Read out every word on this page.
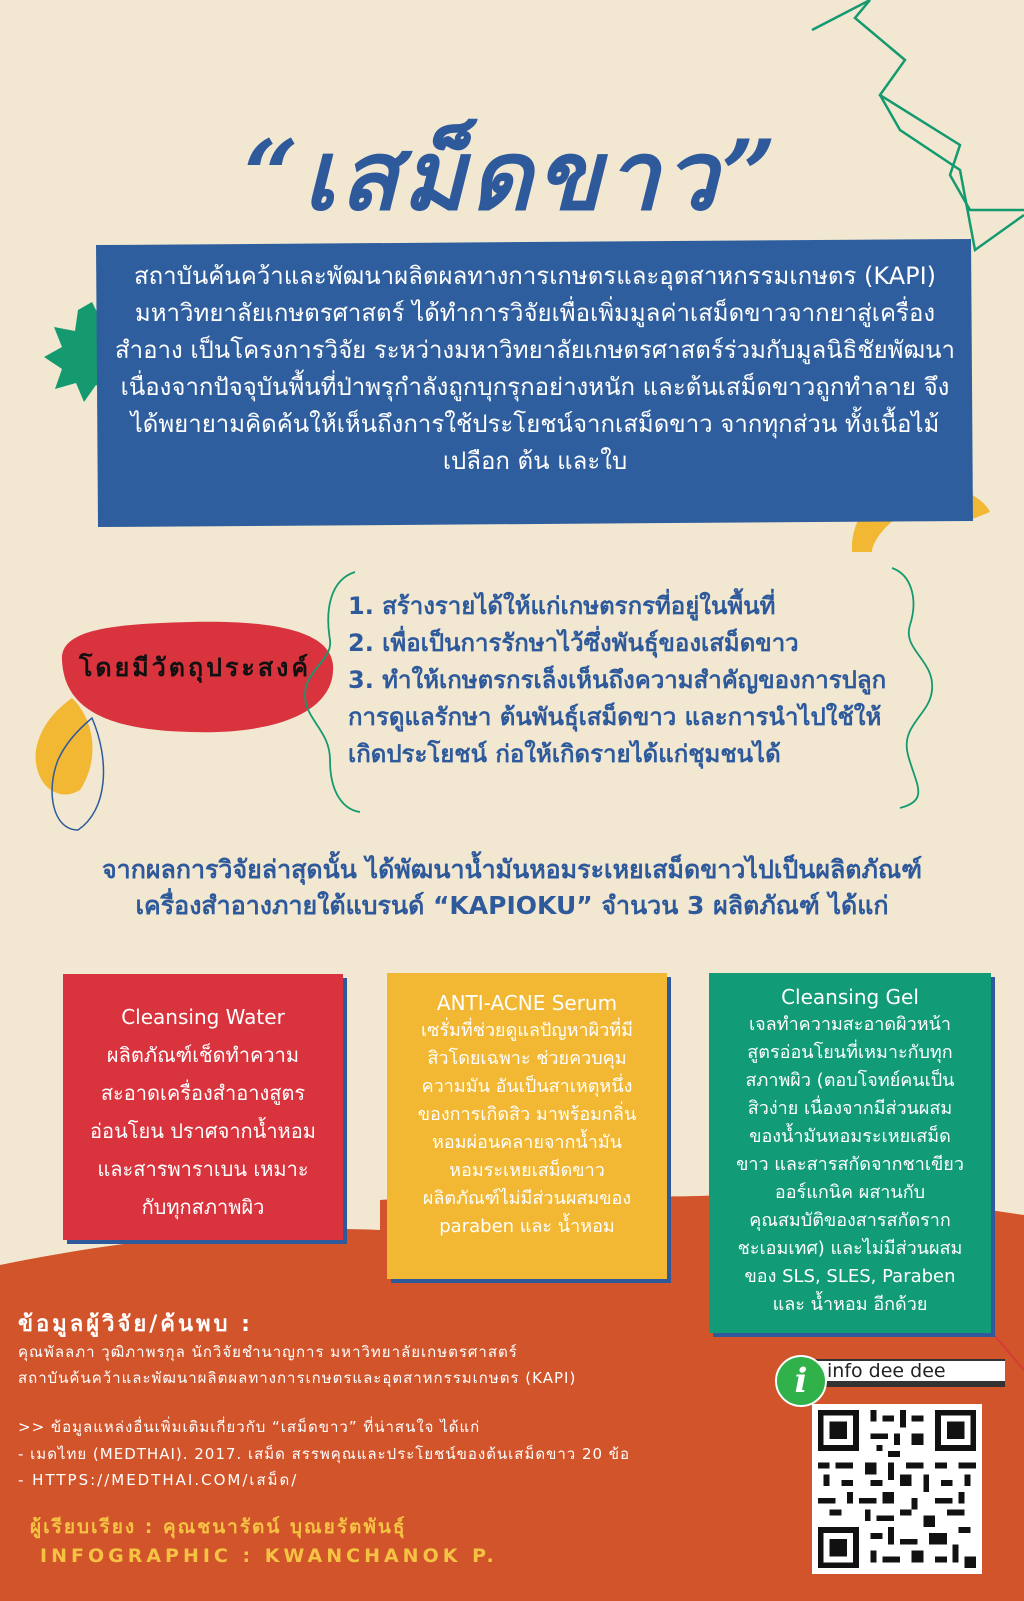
“เสม็ดขาว”

สถาบันค้นคว้าและพัฒนาผลิตผลทางการเกษตรและอุตสาหกรรมเกษตร (KAPI) มหาวิทยาลัยเกษตรศาสตร์ ได้ทำการวิจัยเพื่อเพิ่มมูลค่าเสม็ดขาวจากยาสู่เครื่องสำอาง เป็นโครงการวิจัย ระหว่างมหาวิทยาลัยเกษตรศาสตร์ร่วมกับมูลนิธิชัยพัฒนา เนื่องจากปัจจุบันพื้นที่ป่าพรุกำลังถูกบุกรุกอย่างหนัก และต้นเสม็ดขาวถูกทำลาย จึงได้พยายามคิดค้นให้เห็นถึงการใช้ประโยชน์จากเสม็ดขาว จากทุกส่วน ทั้งเนื้อไม้ เปลือก ต้น และใบ

โดยมีวัตถุประสงค์

1. สร้างรายได้ให้แก่เกษตรกรที่อยู่ในพื้นที่
2. เพื่อเป็นการรักษาไว้ซึ่งพันธุ์ของเสม็ดขาว
3. ทำให้เกษตรกรเล็งเห็นถึงความสำคัญของการปลูก
การดูแลรักษา ต้นพันธุ์เสม็ดขาว และการนำไปใช้ให้
เกิดประโยชน์ ก่อให้เกิดรายได้แก่ชุมชนได้
จากผลการวิจัยล่าสุดนั้น ได้พัฒนาน้ำมันหอมระเหยเสม็ดขาวไปเป็นผลิตภัณฑ์
เครื่องสำอางภายใต้แบรนด์ “KAPIOKU” จำนวน 3 ผลิตภัณฑ์ ได้แก่

Cleansing Water

ผลิตภัณฑ์เช็ดทำความ

สะอาดเครื่องสำอางสูตร

อ่อนโยน ปราศจากน้ำหอม

และสารพาราเบน เหมาะ

กับทุกสภาพผิว

ANTI-ACNE Serum

เซรั่มที่ช่วยดูแลปัญหาผิวที่มี

สิวโดยเฉพาะ ช่วยควบคุม

ความมัน อันเป็นสาเหตุหนึ่ง

ของการเกิดสิว มาพร้อมกลิ่น

หอมผ่อนคลายจากน้ำมัน

หอมระเหยเสม็ดขาว

ผลิตภัณฑ์ไม่มีส่วนผสมของ

paraben และ น้ำหอม

Cleansing Gel

เจลทำความสะอาดผิวหน้า

สูตรอ่อนโยนที่เหมาะกับทุก

สภาพผิว (ตอบโจทย์คนเป็น

สิวง่าย เนื่องจากมีส่วนผสม

ของน้ำมันหอมระเหยเสม็ด

ขาว และสารสกัดจากชาเขียว

ออร์แกนิค ผสานกับ

คุณสมบัติของสารสกัดราก

ชะเอมเทศ) และไม่มีส่วนผสม

ของ SLS, SLES, Paraben

และ น้ำหอม อีกด้วย

ข้อมูลผู้วิจัย/ค้นพบ :

คุณพัลลภา วุฒิภาพรกุล นักวิจัยชำนาญการ มหาวิทยาลัยเกษตรศาสตร์

สถาบันค้นคว้าและพัฒนาผลิตผลทางการเกษตรและอุตสาหกรรมเกษตร (KAPI)

>> ข้อมูลแหล่งอื่นเพิ่มเติมเกี่ยวกับ “เสม็ดขาว” ที่น่าสนใจ ได้แก่

- เมดไทย (MEDTHAI). 2017. เสม็ด สรรพคุณและประโยชน์ของต้นเสม็ดขาว 20 ข้อ

- HTTPS://MEDTHAI.COM/เสม็ด/

ผู้เรียบเรียง : คุณชนารัตน์ บุณยรัตพันธุ์

INFOGRAPHIC : KWANCHANOK P.

info dee dee
i
